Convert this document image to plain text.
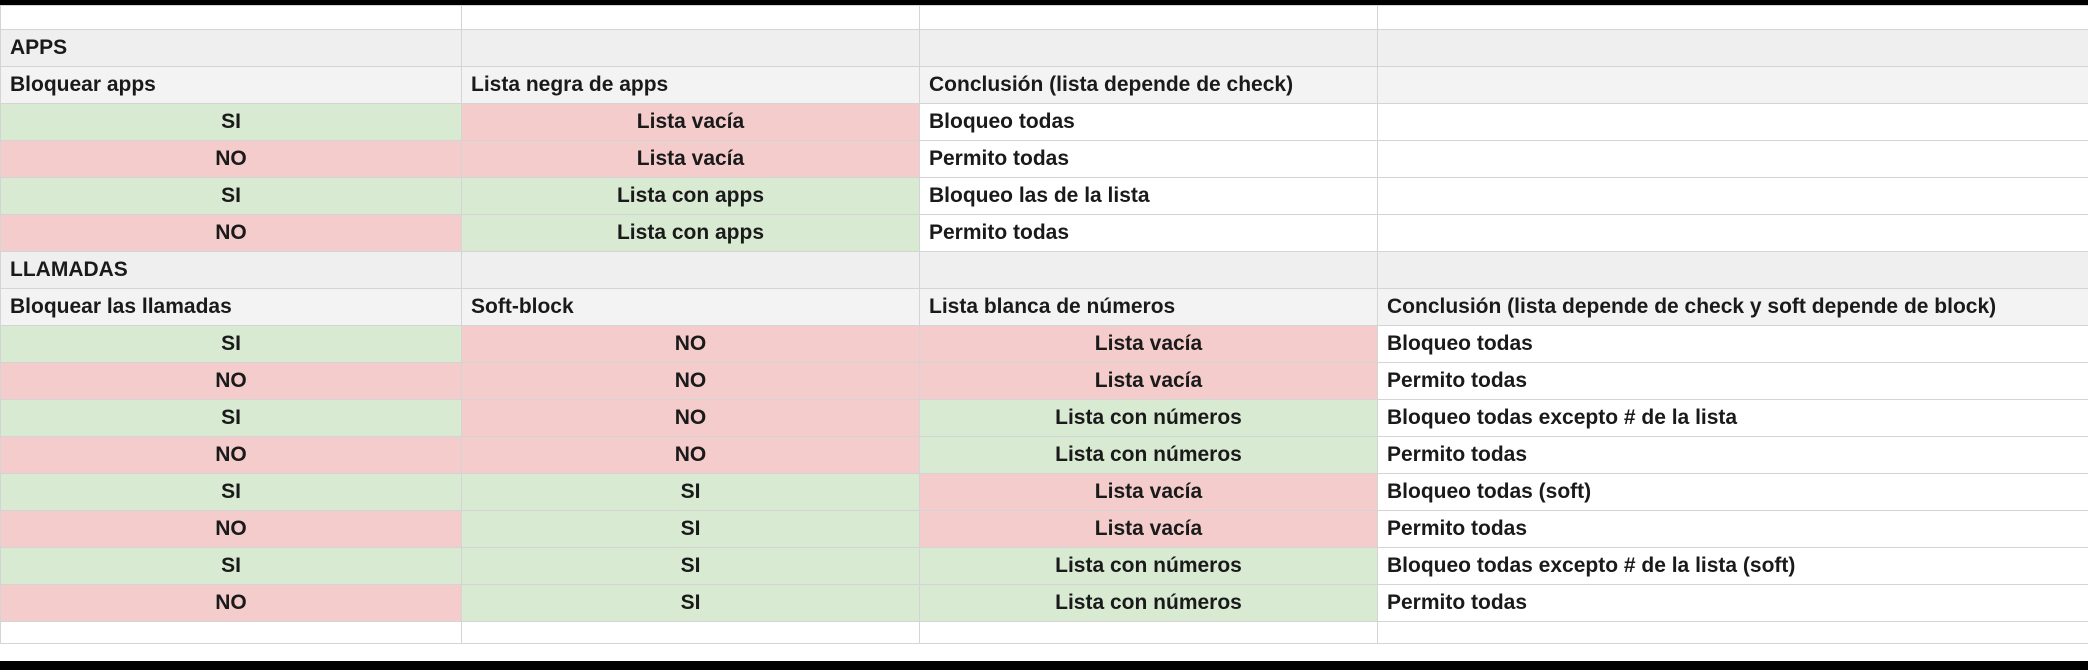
APPS			
Bloquear apps	Lista negra de apps	Conclusión (lista depende de check)	
SI	Lista vacía	Bloqueo todas	
NO	Lista vacía	Permito todas	
SI	Lista con apps	Bloqueo las de la lista	
NO	Lista con apps	Permito todas	
LLAMADAS			
Bloquear las llamadas	Soft-block	Lista blanca de números	Conclusión (lista depende de check y soft depende de block)
SI	NO	Lista vacía	Bloqueo todas
NO	NO	Lista vacía	Permito todas
SI	NO	Lista con números	Bloqueo todas excepto # de la lista
NO	NO	Lista con números	Permito todas
SI	SI	Lista vacía	Bloqueo todas (soft)
NO	SI	Lista vacía	Permito todas
SI	SI	Lista con números	Bloqueo todas excepto # de la lista (soft)
NO	SI	Lista con números	Permito todas
